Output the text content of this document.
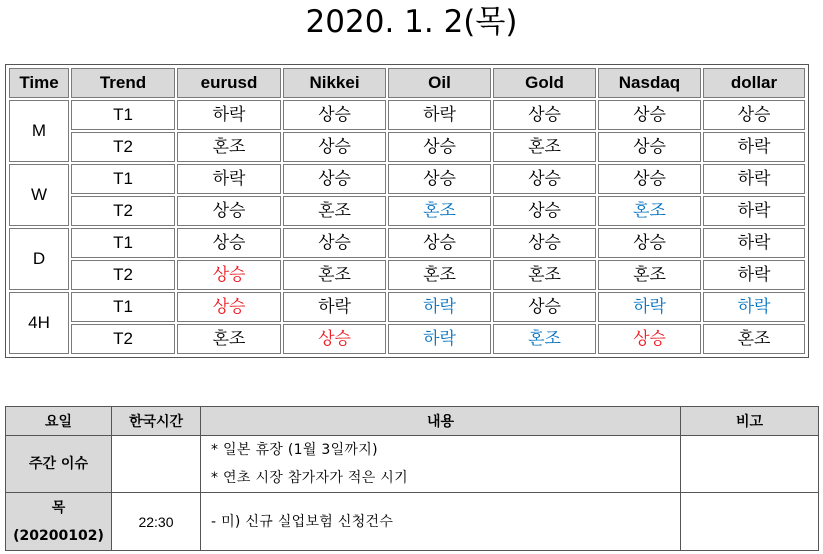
2020. 1. 2(목)
Time	Trend	eurusd	Nikkei	Oil	Gold	Nasdaq	dollar
M	T1	하락	상승	하락	상승	상승	상승
	T2	혼조	상승	상승	혼조	상승	하락
W	T1	하락	상승	상승	상승	상승	하락
	T2	상승	혼조	혼조	상승	혼조	하락
D	T1	상승	상승	상승	상승	상승	하락
	T2	상승	혼조	혼조	혼조	혼조	하락
4H	T1	상승	하락	하락	상승	하락	하락
	T2	혼조	상승	하락	혼조	상승	혼조
요일	한국시간	내용	비고
주간 이슈		* 일본 휴장 (1월 3일까지)
* 연초 시장 참가자가 적은 시기	

목
(20200102)	22:30	- 미) 신규 실업보험 신청건수	
